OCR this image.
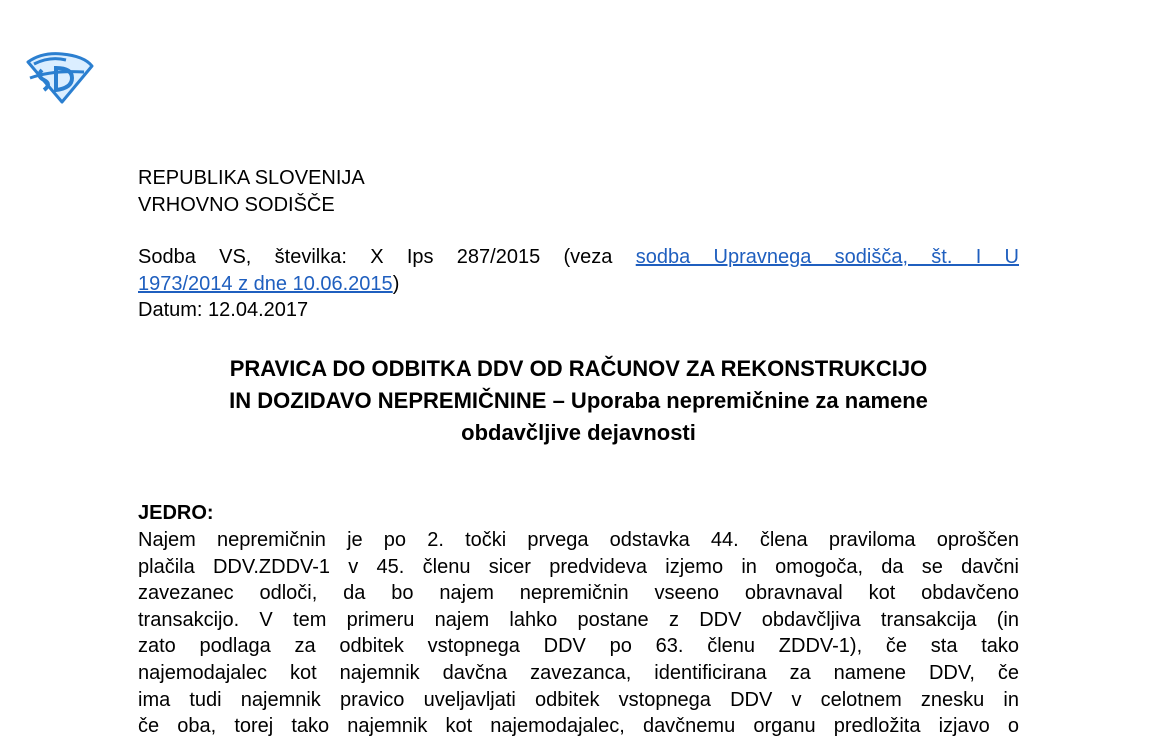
REPUBLIKA SLOVENIJA
VRHOVNO SODIŠČE
Sodba VS, številka: X Ips 287/2015 (veza sodba Upravnega sodišča, št. I U
1973/2014 z dne 10.06.2015)
Datum: 12.04.2017
PRAVICA DO ODBITKA DDV OD RAČUNOV ZA REKONSTRUKCIJO
IN DOZIDAVO NEPREMIČNINE – Uporaba nepremičnine za namene
obdavčljive dejavnosti
JEDRO:
Najem nepremičnin je po 2. točki prvega odstavka 44. člena praviloma oproščen
plačila DDV.ZDDV-1 v 45. členu sicer predvideva izjemo in omogoča, da se davčni
zavezanec odloči, da bo najem nepremičnin vseeno obravnaval kot obdavčeno
transakcijo. V tem primeru najem lahko postane z DDV obdavčljiva transakcija (in
zato podlaga za odbitek vstopnega DDV po 63. členu ZDDV-1), če sta tako
najemodajalec kot najemnik davčna zavezanca, identificirana za namene DDV, če
ima tudi najemnik pravico uveljavljati odbitek vstopnega DDV v celotnem znesku in
če oba, torej tako najemnik kot najemodajalec, davčnemu organu predložita izjavo o
